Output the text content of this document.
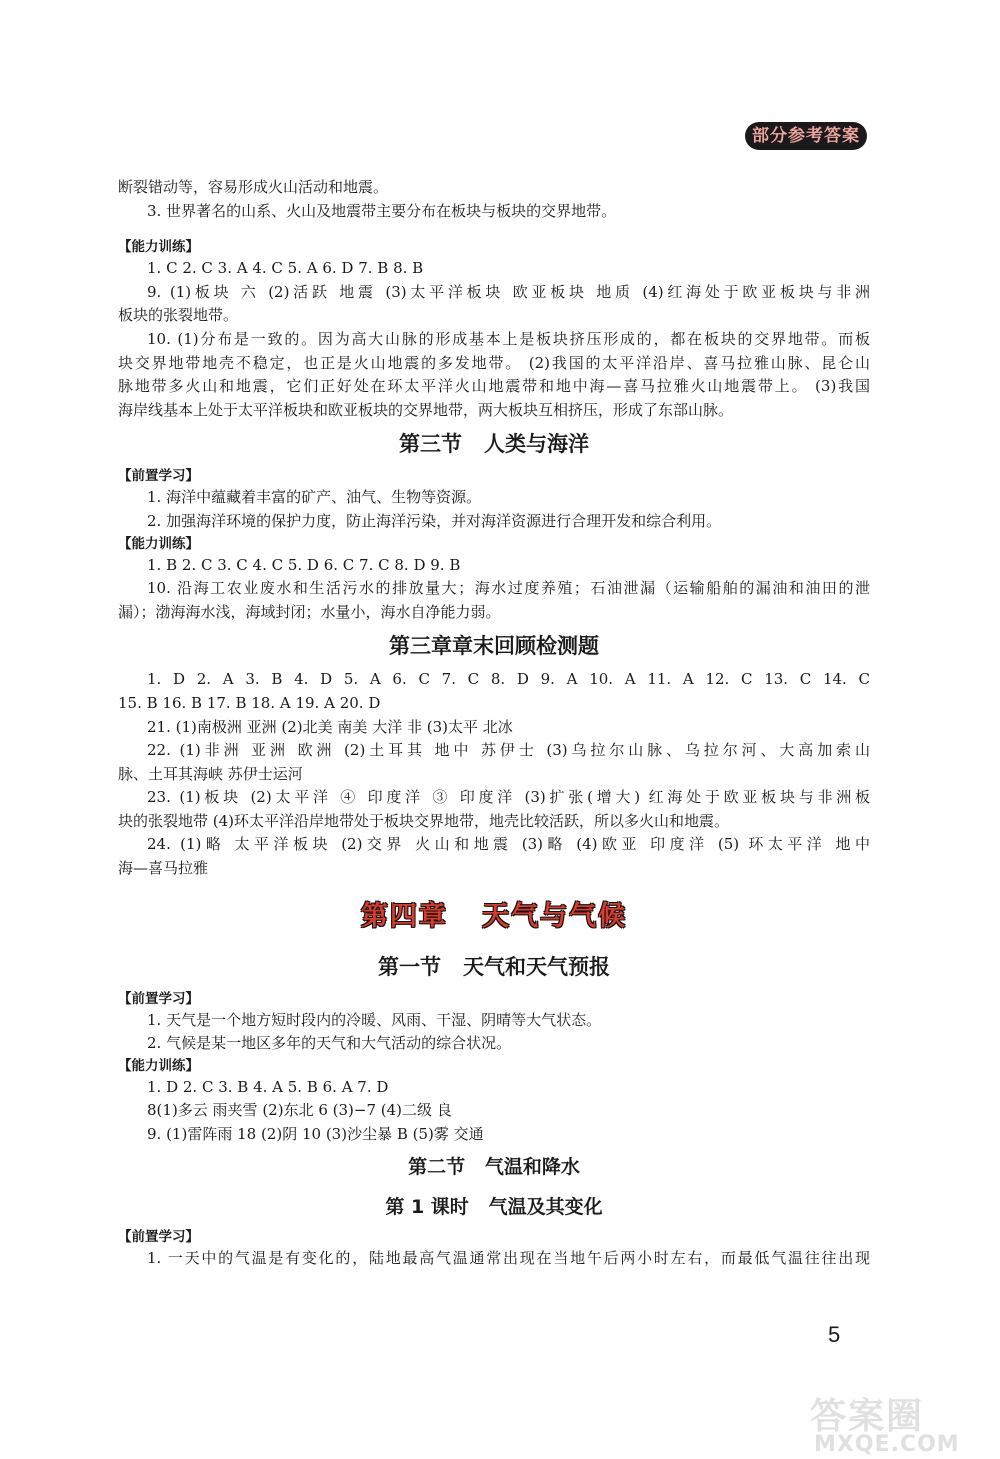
部分参考答案
断裂错动等，容易形成火山活动和地震。
3. 世界著名的山系、火山及地震带主要分布在板块与板块的交界地带。
【能力训练】
1. C 2. C 3. A 4. C 5. A 6. D 7. B 8. B
9. (1)板块 六 (2)活跃 地震 (3)太平洋板块 欧亚板块 地质 (4)红海处于欧亚板块与非洲
板块的张裂地带。
10. (1)分布是一致的。因为高大山脉的形成基本上是板块挤压形成的，都在板块的交界地带。而板
块交界地带地壳不稳定，也正是火山地震的多发地带。 (2)我国的太平洋沿岸、喜马拉雅山脉、昆仑山
脉地带多火山和地震，它们正好处在环太平洋火山地震带和地中海—喜马拉雅火山地震带上。 (3)我国
海岸线基本上处于太平洋板块和欧亚板块的交界地带，两大板块互相挤压，形成了东部山脉。
第三节   人类与海洋
【前置学习】
1. 海洋中蕴藏着丰富的矿产、油气、生物等资源。
2. 加强海洋环境的保护力度，防止海洋污染，并对海洋资源进行合理开发和综合利用。
【能力训练】
1. B 2. C 3. C 4. C 5. D 6. C 7. C 8. D 9. B
10. 沿海工农业废水和生活污水的排放量大；海水过度养殖；石油泄漏（运输船舶的漏油和油田的泄
漏）；渤海海水浅，海域封闭；水量小，海水自净能力弱。
第三章章末回顾检测题
1. D 2. A 3. B 4. D 5. A 6. C 7. C 8. D 9. A 10. A 11. A 12. C 13. C 14. C
15. B 16. B 17. B 18. A 19. A 20. D
21. (1)南极洲 亚洲 (2)北美 南美 大洋 非 (3)太平 北冰
22. (1)非洲 亚洲 欧洲 (2)土耳其 地中 苏伊士 (3)乌拉尔山脉、乌拉尔河、大高加索山
脉、土耳其海峡 苏伊士运河
23. (1)板块 (2)太平洋 ④ 印度洋 ③ 印度洋 (3)扩张(增大) 红海处于欧亚板块与非洲板
块的张裂地带 (4)环太平洋沿岸地带处于板块交界地带，地壳比较活跃，所以多火山和地震。
24. (1)略 太平洋板块 (2)交界 火山和地震 (3)略 (4)欧亚 印度洋 (5) 环太平洋 地中
海—喜马拉雅
第四章   天气与气候
第一节   天气和天气预报
【前置学习】
1. 天气是一个地方短时段内的冷暖、风雨、干湿、阴晴等大气状态。
2. 气候是某一地区多年的天气和大气活动的综合状况。
【能力训练】
1. D 2. C 3. B 4. A 5. B 6. A 7. D
8(1)多云 雨夹雪 (2)东北 6 (3)−7 (4)二级 良
9. (1)雷阵雨 18 (2)阴 10 (3)沙尘暴 B (5)雾 交通
第二节   气温和降水
第 1 课时   气温及其变化
【前置学习】
1. 一天中的气温是有变化的，陆地最高气温通常出现在当地午后两小时左右，而最低气温往往出现
5
答案圈
MXQE.COM
